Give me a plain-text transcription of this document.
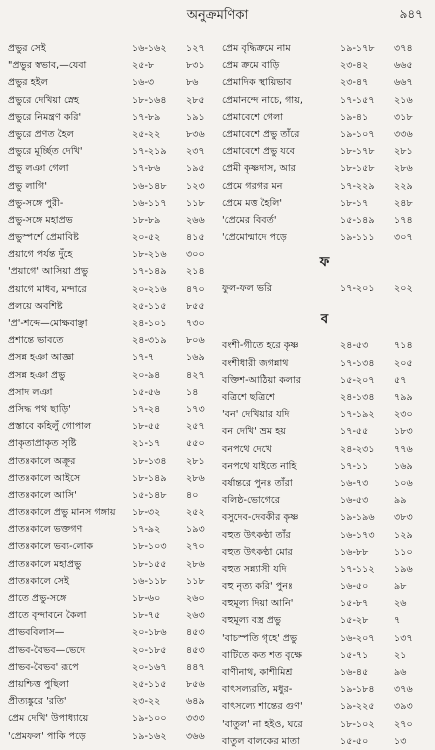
অনুক্রমণিকা	৯৪৭
প্রভুর সেই	১৬-১৬২ ১২৭
"প্রভুর স্বভাব,—যেবা	২৫-৮	৮৩১
প্রভুর হইল	১৬-৩	৮৬
প্রভুরে দেখিয়া স্নেহ	১৮-১৬৪ ২৮৫
প্রভুরে নিমন্ত্রণ করি'	১৭-৮৯	১৯১
প্রভুরে প্রণত হৈল	২৫-২২	৮৩৬
প্রভুরে মূর্চ্ছিত দেখি'	১৭-২১৯ ২৩৭
প্রভু লঞা গেলা	১৭-৮৬	১৯৫
প্রভু লাগি'	১৬-১৪৮ ১২৩
প্রভু-সঙ্গে পুরী-	১৬-১১৭ ১১৮
প্রভু-সঙ্গে মহাপ্রভ	১৮-৮৯	২৬৬
প্রভুস্পর্শে প্রেমাবিষ্ট	২০-৫২	৪১৫
প্রয়াগে পর্যন্ত দুঁহে	১৮-২১৬ ৩০০
'প্রয়াগে' আসিয়া প্রভু	১৭-১৪৯ ২১৪
প্রয়াগে মাধব, মন্দারে	২০-২১৬ ৪৭০
প্রলয়ে অবশিষ্ট	২৫-১১৫ ৮৫৫
'প্র'-শব্দে—মোক্ষবাঞ্ছা	২৪-১০১ ৭৩০
প্রশান্তে ভাবতে	২৪-৩১৯ ৮০৬
প্রসন্ন হঞা আজ্ঞা	১৭-৭	১৬৯
প্রসন্ন হঞা প্রভু	২০-৯৪	৪২৭
প্রসাদ লঞা	১৫-৫৬	১৪
প্রসিদ্ধ পথ ছাড়ি'	১৭-২৪	১৭৩
প্রস্তাবে কহিলুঁ গোপাল	১৮-৫৫	২৫৭
প্রাকৃতাপ্রাকৃত সৃষ্টি	২১-১৭	৫৫০
প্রাতঃকালে অক্রূর	১৮-১৩৪ ২৮১
প্রাতঃকালে আইসে	১৮-১৪৯ ২৮৬
প্রাতঃকালে আসি'	১৫-১৪৮ ৪০
প্রাতঃকালে প্রভু মানস গঙ্গায় ১৮-৩২	২৫২
প্রাতঃকালে ভক্তগণ	১৭-৯২	১৯৩
প্রাতঃকালে ভব্য-লোক	১৮-১০৩ ২৭০
প্রাতঃকালে মহাপ্রভু	১৮-১৫৫ ২৮৬
প্রাতঃকালে সেই	১৬-১১৮ ১১৮
প্রাতে প্রভু-সঙ্গে	১৮-৬০	২৬০
প্রাতে বৃন্দাবনে কৈলা	১৮-৭৫	২৬৩
প্রাভববিলাস—	২০-১৮৬ ৪৫৩
প্রাভব-বৈভব—ভেদে	২০-১৮৫ ৪৫৩
প্রাভব-বৈভব' রূপে	২০-১৬৭ ৪৪৭
প্রায়শ্চিত্ত পুছিলা	২৫-১১৫ ৮৫৬
প্রীত্যঙ্কুরে 'রতি'	২৩-২২	৬৪৯
প্রেম দেখি' উপাধ্যায়ে	১৯-১০০ ৩৩৩
'প্রেমফল' পাকি পড়ে	১৯-১৬২ ৩৬৬
প্রেম বৃদ্ধিক্রমে নাম	১৯-১৭৮ ৩৭৪
প্রেম ক্রমে বাড়ি	২৩-৪২	৬৬৫
প্রেমাদিক স্থায়িভাব	২৩-৪৭	৬৬৭
প্রেমানন্দে নাচে, গায়,	১৭-১৫৭ ২১৬
প্রেমাবেশে গেলা	১৯-৪১	৩১৮
প্রেমাবেশে প্রভু তাঁরে	১৯-১০৭ ৩৩৬
প্রেমাবেশে প্রভু যবে	১৮-১৭৮ ২৮১
প্রেমী কৃষ্ণদাস, আর	১৮-১৫৮ ২৮৬
প্রেমে গরগর মন	১৭-২২৯ ২২৯
প্রেমে মত্ত হৈলি'	১৮-১৭	২৪৮
'প্রেমের বিবর্ত'	১৫-১৪৯ ১৭৪
'প্রেমোন্মাদে পড়ে	১৯-১১১ ৩০৭
ফ
ফুল-ফল ভরি	১৭-২০১ ২০২
ব
বংশী-গীতে হরে কৃষ্ণ	২৪-৫৩	৭১৪
বংশীধারী জগন্নাথ	১৭-১৩৪ ২০৫
বক্তিশ-আঠিয়া কলার	১৫-২০৭ ৫৭
বত্রিশে ছত্রিশে	২৪-১৩৪ ৭৯৯
'বন' দেখিয়ার যদি	১৭-১৯২ ২৩০
বন দেখি' ভ্রম হয়	১৭-৫৫	১৮৩
বনপথে দেখে	২৪-২৩১ ৭৭৬
বনপথে যাইতে নাহি	১৭-১১	১৬৯
বর্ষান্তরে পুনঃ তাঁরা	১৬-৭৩	১০৬
বলিষ্ঠ-ভোগেরে	১৬-৫৩	৯৯
বসুদেব-দেবকীর কৃষ্ণ	১৯-১৯৬ ৩৮৩
বহুত উৎকণ্ঠা তাঁর	১৬-১৭৩ ১২৯
বহুত উৎকণ্ঠা মোর	১৬-৮৮	১১০
বহুত সন্ন্যাসী যদি	১৭-১১২ ১৯৬
বহু নৃত্য করি' পুনঃ	১৬-৫০	৯৮
বহুমূল্য দিয়া আনি'	১৫-৮৭	২৬
বহুমূল্য বস্ত্র প্রভু	১৫-২৮	৭
'বাচস্পতি গৃহে' প্রভু	১৬-২০৭ ১৩৭
বাটিতে কত শত বৃক্ষে	১৫-৭১	২১
বাণীনাথ, কাশীমিশ্র	১৬-৪৫	৯৬
বাৎসল্যরতি, মধুর-	১৯-১৮৪ ৩৭৬
বাৎসল্যে শান্তের গুণ'	১৯-২২৫ ৩৯৩
'বাতুল' না হইও, ঘরে	১৮-১০২ ২৭০
বাতুল বালকের মাতা	১৫-৫০	১৩
